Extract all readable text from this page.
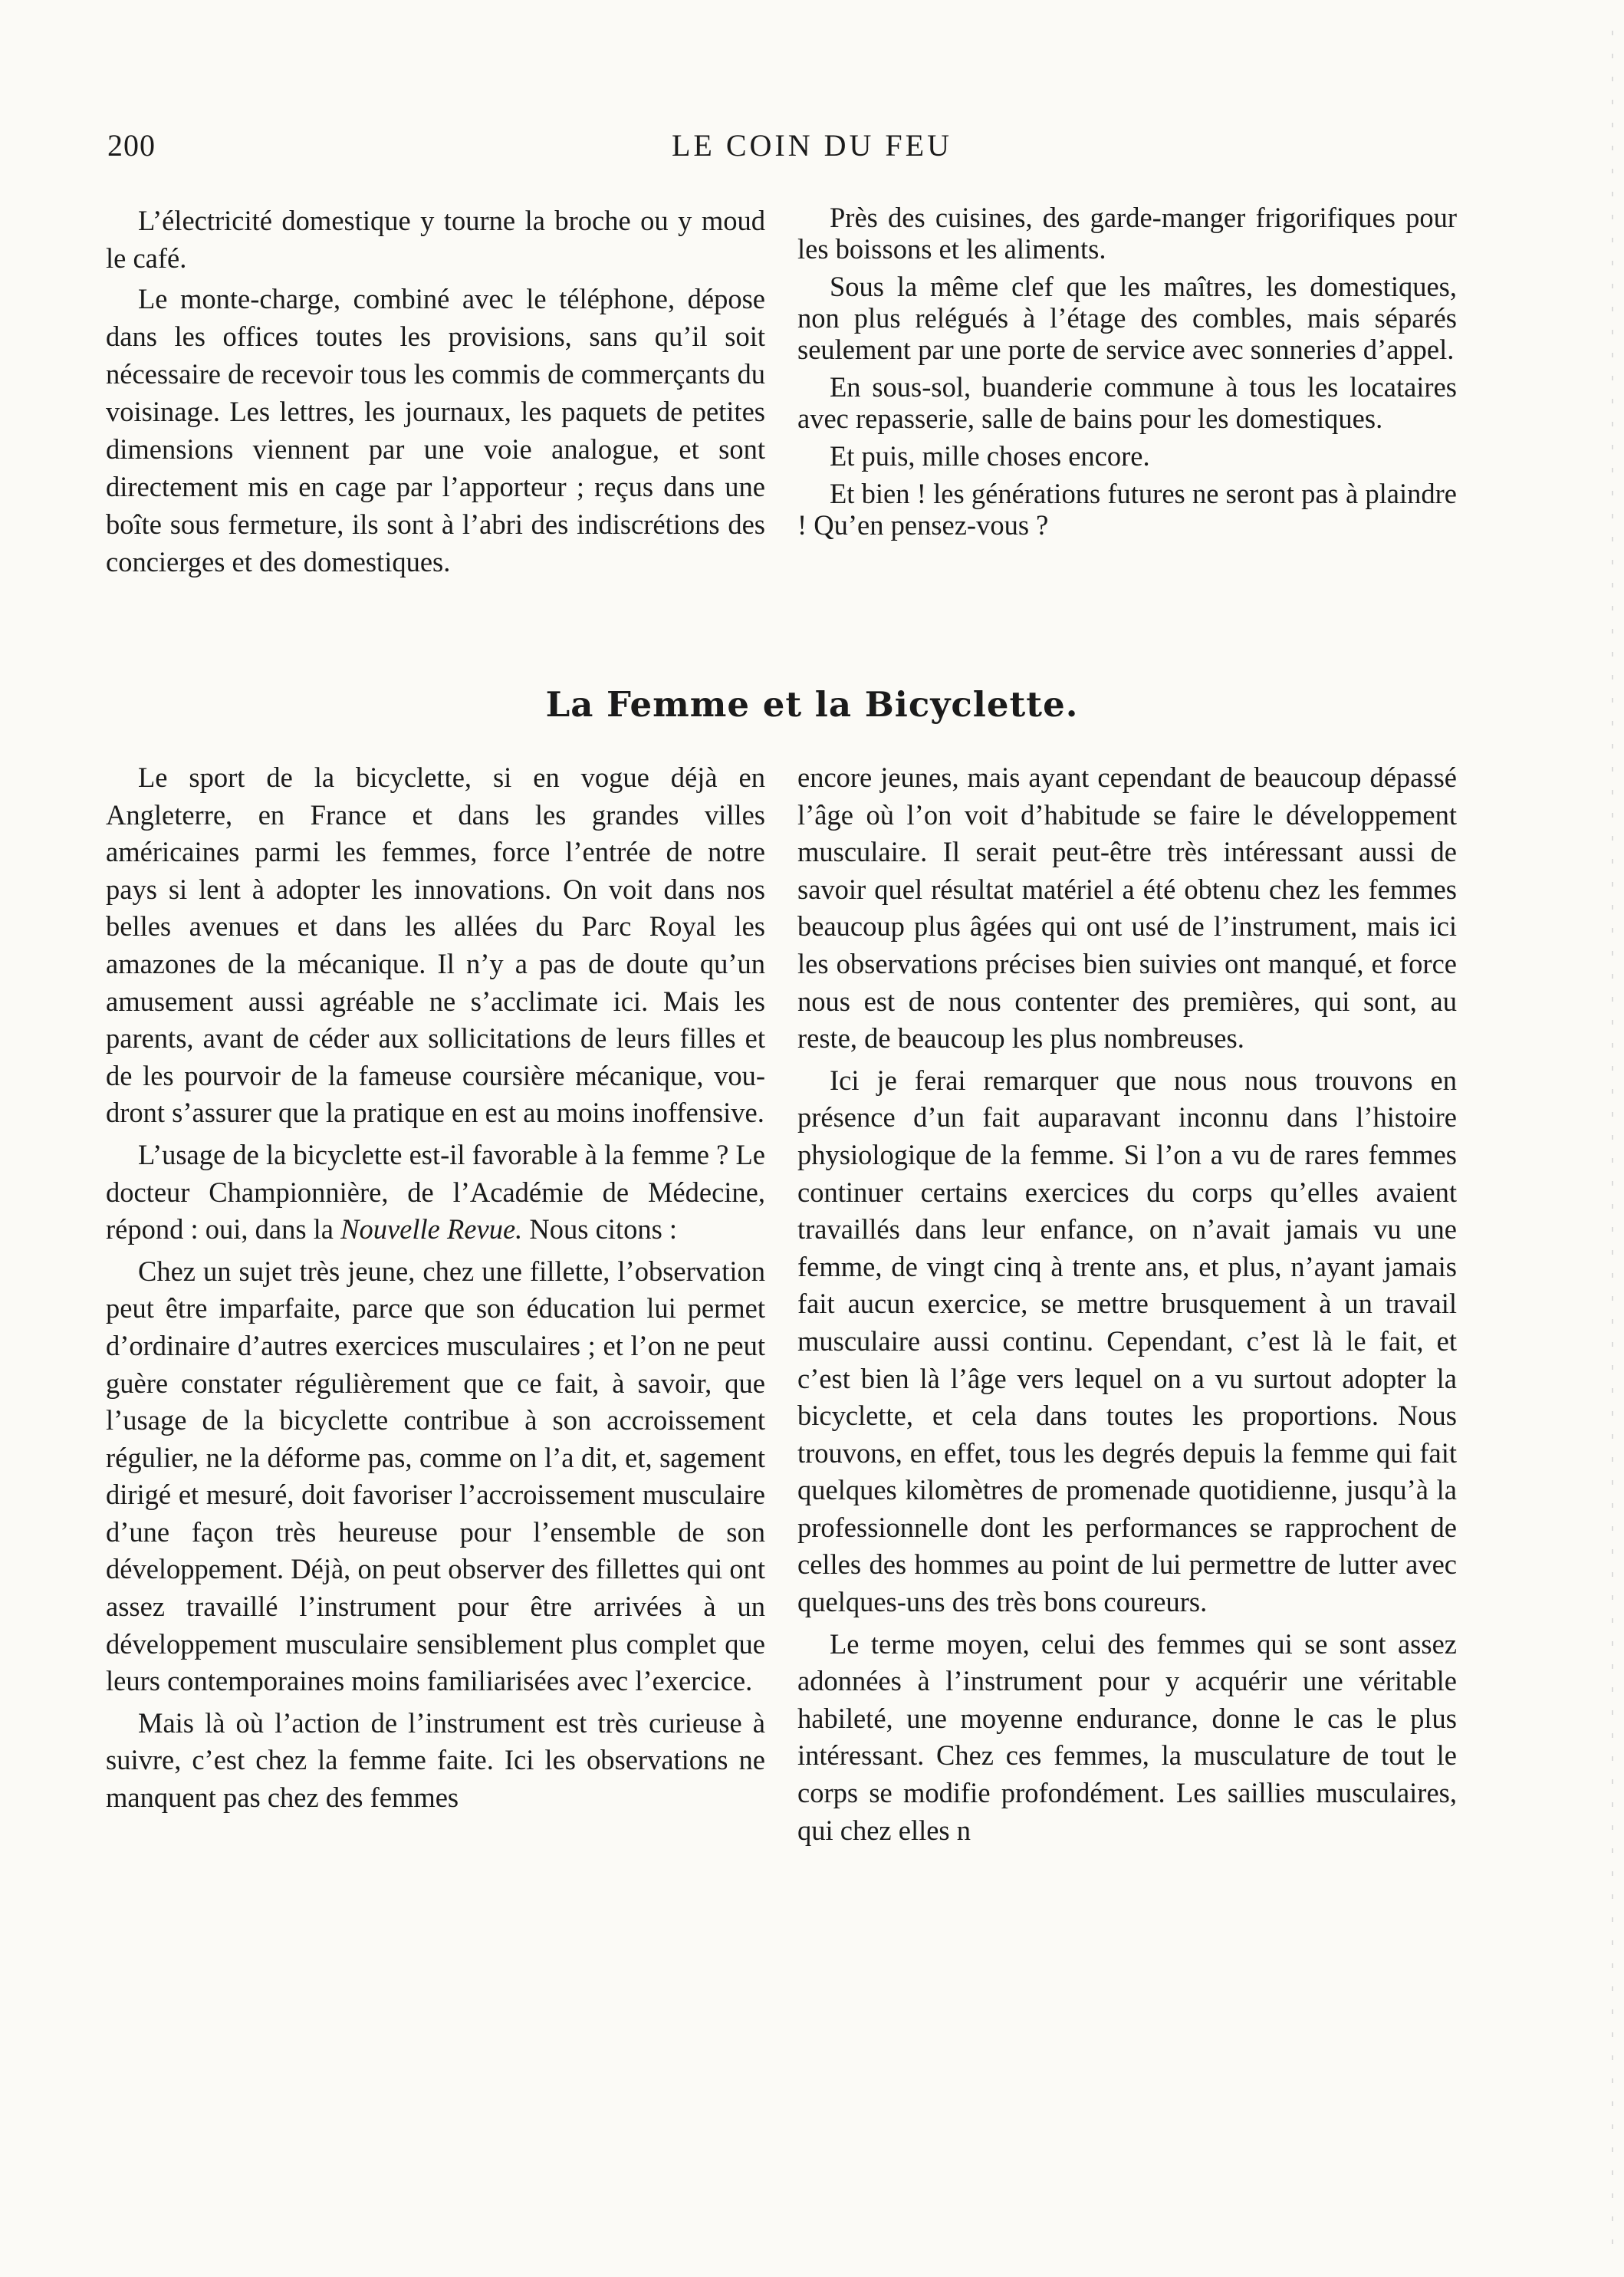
200	LE COIN DU FEU

L’électricité domestique y tourne la broche ou y moud le café.

Le monte-charge, combiné avec le téléphone, dépose dans les offices toutes les provisions, sans qu’il soit nécessaire de recevoir tous les commis de commerçants du voisinage. Les lettres, les journaux, les paquets de petites dimensions viennent par une voie analogue, et sont directement mis en cage par l’apporteur ; reçus dans une boîte sous fermeture, ils sont à l’abri des indiscrétions des concierges et des domestiques.

Près des cuisines, des garde-manger frigorifiques pour les boissons et les aliments.

Sous la même clef que les maîtres, les domestiques, non plus relégués à l’étage des combles, mais séparés seulement par une porte de service avec sonneries d’appel.

En sous-sol, buanderie commune à tous les locataires avec repasserie, salle de bains pour les domestiques.

Et puis, mille choses encore.

Et bien ! les générations futures ne seront pas à plaindre ! Qu’en pensez-vous ?

La Femme et la Bicyclette.

Le sport de la bicyclette, si en vogue déjà en Angleterre, en France et dans les grandes villes américaines parmi les femmes, force l’entrée de notre pays si lent à adopter les innovations. On voit dans nos belles avenues et dans les allées du Parc Royal les amazones de la mécanique. Il n’y a pas de doute qu’un amusement aussi agréable ne s’acclimate ici. Mais les parents, avant de céder aux sollicitations de leurs filles et de les pourvoir de la fameuse coursière mécanique, voudront s’assurer que la pratique en est au moins inoffensive.

L’usage de la bicyclette est-il favorable à la femme ? Le docteur Championnière, de l’Académie de Médecine, répond : oui, dans la Nouvelle Revue. Nous citons :

Chez un sujet très jeune, chez une fillette, l’observation peut être imparfaite, parce que son éducation lui permet d’ordinaire d’autres exercices musculaires ; et l’on ne peut guère constater régulièrement que ce fait, à savoir, que l’usage de la bicyclette contribue à son accroissement régulier, ne la déforme pas, comme on l’a dit, et, sagement dirigé et mesuré, doit favoriser l’accroissement musculaire d’une façon très heureuse pour l’ensemble de son développement. Déjà, on peut observer des fillettes qui ont assez travaillé l’instrument pour être arrivées à un développement musculaire sensiblement plus complet que leurs contemporaines moins familiarisées avec l’exercice.

Mais là où l’action de l’instrument est très curieuse à suivre, c’est chez la femme faite. Ici les observations ne manquent pas chez des femmes

encore jeunes, mais ayant cependant de beaucoup dépassé l’âge où l’on voit d’habitude se faire le développement musculaire. Il serait peut-être très intéressant aussi de savoir quel résultat matériel a été obtenu chez les femmes beaucoup plus âgées qui ont usé de l’instrument, mais ici les observations précises bien suivies ont manqué, et force nous est de nous contenter des premières, qui sont, au reste, de beaucoup les plus nombreuses.

Ici je ferai remarquer que nous nous trouvons en présence d’un fait auparavant inconnu dans l’histoire physiologique de la femme. Si l’on a vu de rares femmes continuer certains exercices du corps qu’elles avaient travaillés dans leur enfance, on n’avait jamais vu une femme, de vingt cinq à trente ans, et plus, n’ayant jamais fait aucun exercice, se mettre brusquement à un travail musculaire aussi continu. Cependant, c’est là le fait, et c’est bien là l’âge vers lequel on a vu surtout adopter la bicyclette, et cela dans toutes les proportions. Nous trouvons, en effet, tous les degrés depuis la femme qui fait quelques kilomètres de promenade quotidienne, jusqu’à la professionnelle dont les performances se rapprochent de celles des hommes au point de lui permettre de lutter avec quelques-uns des très bons coureurs.

Le terme moyen, celui des femmes qui se sont assez adonnées à l’instrument pour y acquérir une véritable habileté, une moyenne endurance, donne le cas le plus intéressant. Chez ces femmes, la musculature de tout le corps se modifie profondément. Les saillies musculaires, qui chez elles n
